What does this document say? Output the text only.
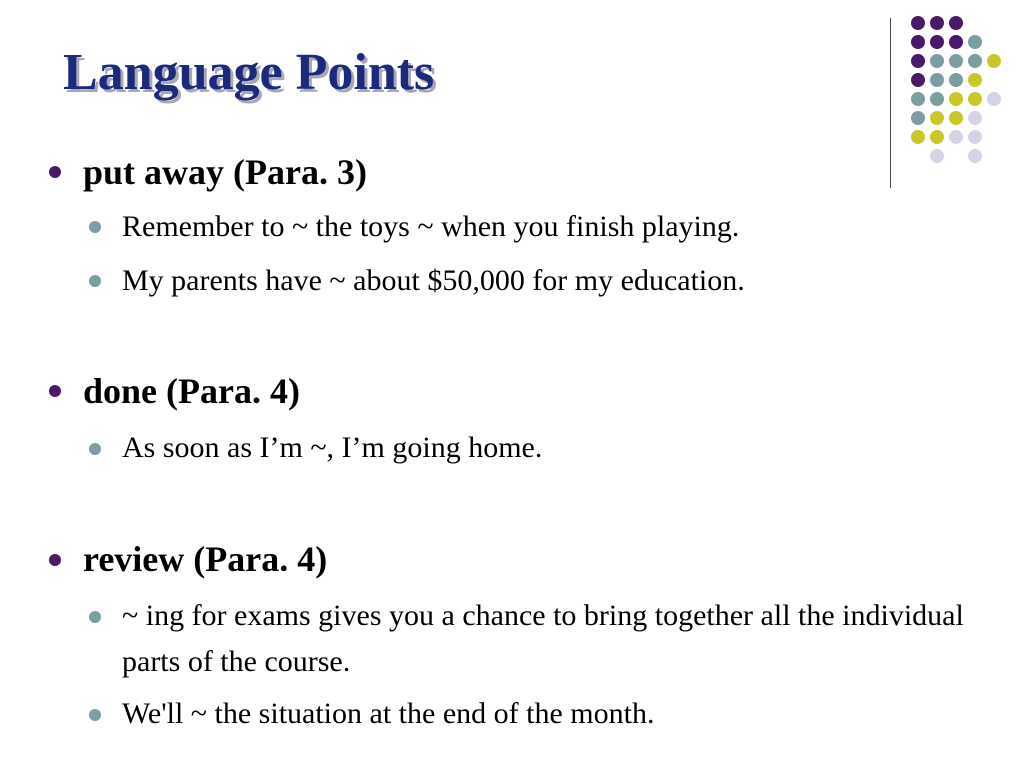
Language Points
put away (Para. 3)
Remember to ~ the toys ~ when you finish playing.
My parents have ~ about $50,000 for my education.
done (Para. 4)
As soon as I’m ~, I’m going home.
review (Para. 4)
~ ing for exams gives you a chance to bring together all the individual parts of the course.
We'll ~ the situation at the end of the month.
